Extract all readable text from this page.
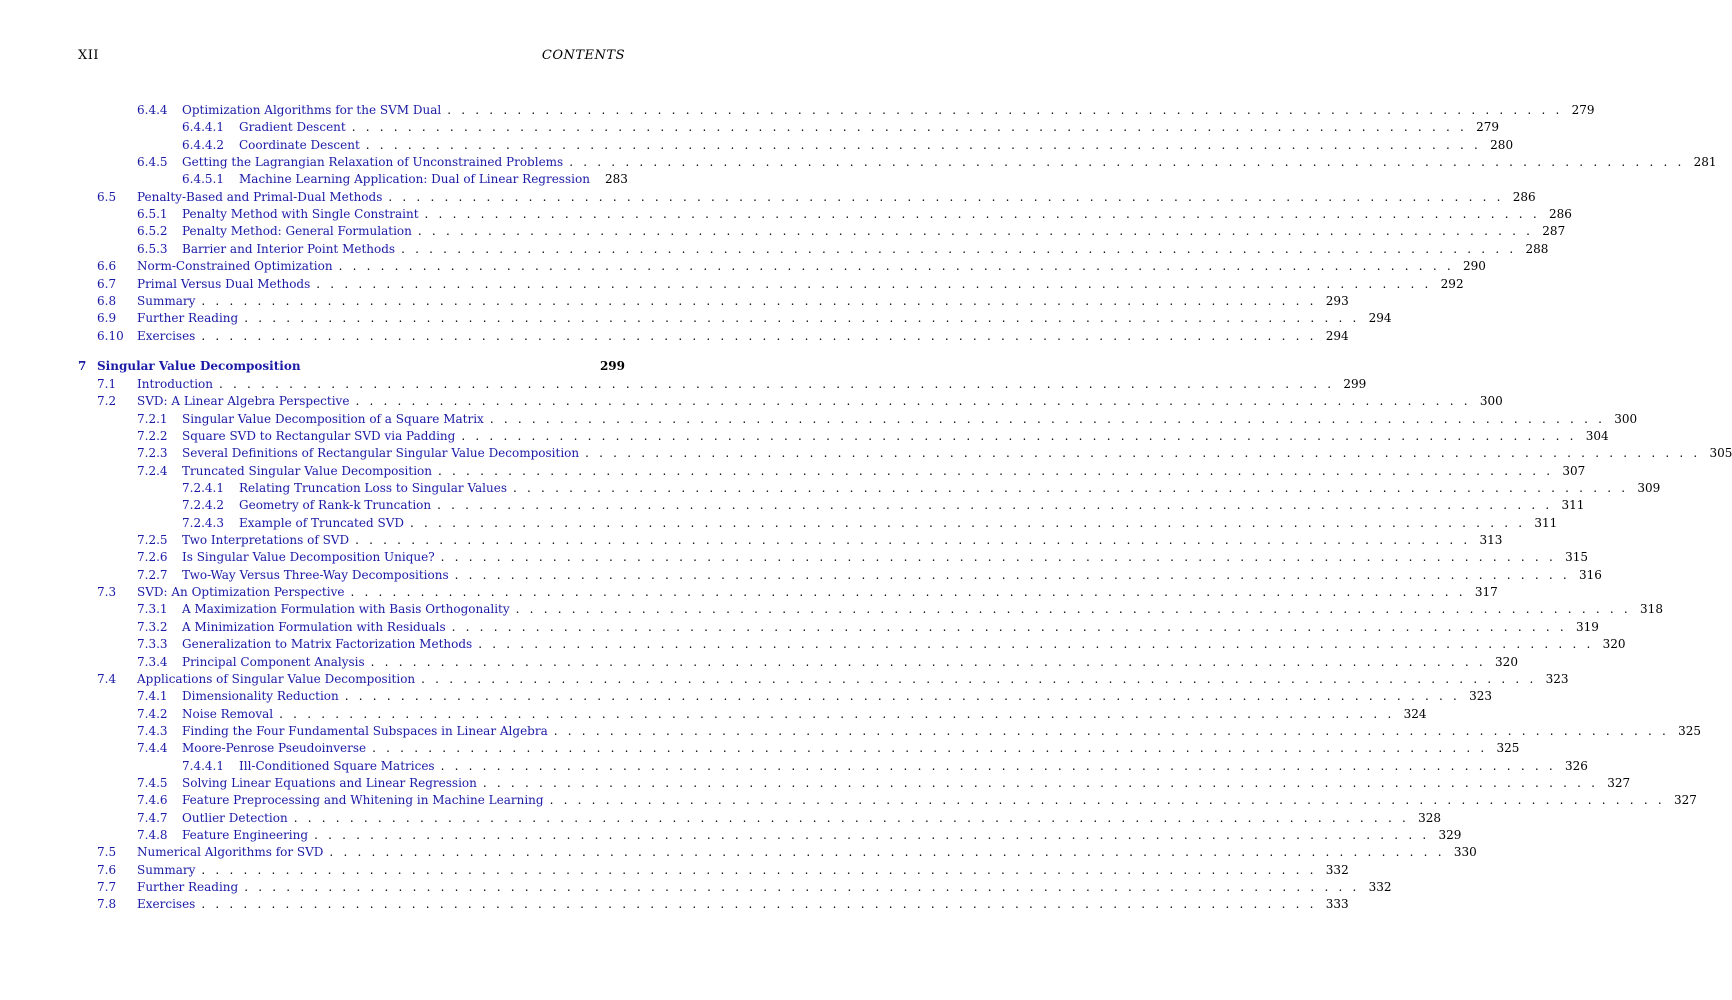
XII	CONTENTS
6.4.4 Optimization Algorithms for the SVM Dual . . . . . . . . . . . . . . . . . . . . . . . . . . . . . . . . . . . . . . . . . . . . . . . . . . . . . . . . . . . . . . . . . . . . . . . . . . . . . . . . 279
6.4.4.1 Gradient Descent . . . . . . . . . . . . . . . . . . . . . . . . . . . . . . . . . . . . . . . . . . . . . . . . . . . . . . . . . . . . . . . . . . . . . . . . . . . . . . . . 279
6.4.4.2 Coordinate Descent . . . . . . . . . . . . . . . . . . . . . . . . . . . . . . . . . . . . . . . . . . . . . . . . . . . . . . . . . . . . . . . . . . . . . . . . . . . . . . . . 280
6.4.5 Getting the Lagrangian Relaxation of Unconstrained Problems . . . . . . . . . . . . . . . . . . . . . . . . . . . . . . . . . . . . . . . . . . . . . . . . . . . . . . . . . . . . . . . . . . . . . . . . . . . . . . . . 281
6.4.5.1 Machine Learning Application: Dual of Linear Regression 283
6.5 Penalty-Based and Primal-Dual Methods . . . . . . . . . . . . . . . . . . . . . . . . . . . . . . . . . . . . . . . . . . . . . . . . . . . . . . . . . . . . . . . . . . . . . . . . . . . . . . . . 286
6.5.1 Penalty Method with Single Constraint . . . . . . . . . . . . . . . . . . . . . . . . . . . . . . . . . . . . . . . . . . . . . . . . . . . . . . . . . . . . . . . . . . . . . . . . . . . . . . . . 286
6.5.2 Penalty Method: General Formulation . . . . . . . . . . . . . . . . . . . . . . . . . . . . . . . . . . . . . . . . . . . . . . . . . . . . . . . . . . . . . . . . . . . . . . . . . . . . . . . . 287
6.5.3 Barrier and Interior Point Methods . . . . . . . . . . . . . . . . . . . . . . . . . . . . . . . . . . . . . . . . . . . . . . . . . . . . . . . . . . . . . . . . . . . . . . . . . . . . . . . . 288
6.6 Norm-Constrained Optimization . . . . . . . . . . . . . . . . . . . . . . . . . . . . . . . . . . . . . . . . . . . . . . . . . . . . . . . . . . . . . . . . . . . . . . . . . . . . . . . . 290
6.7 Primal Versus Dual Methods . . . . . . . . . . . . . . . . . . . . . . . . . . . . . . . . . . . . . . . . . . . . . . . . . . . . . . . . . . . . . . . . . . . . . . . . . . . . . . . . 292
6.8 Summary . . . . . . . . . . . . . . . . . . . . . . . . . . . . . . . . . . . . . . . . . . . . . . . . . . . . . . . . . . . . . . . . . . . . . . . . . . . . . . . . 293
6.9 Further Reading . . . . . . . . . . . . . . . . . . . . . . . . . . . . . . . . . . . . . . . . . . . . . . . . . . . . . . . . . . . . . . . . . . . . . . . . . . . . . . . . 294
6.10 Exercises . . . . . . . . . . . . . . . . . . . . . . . . . . . . . . . . . . . . . . . . . . . . . . . . . . . . . . . . . . . . . . . . . . . . . . . . . . . . . . . . 294
7 Singular Value Decomposition	299
7.1 Introduction . . . . . . . . . . . . . . . . . . . . . . . . . . . . . . . . . . . . . . . . . . . . . . . . . . . . . . . . . . . . . . . . . . . . . . . . . . . . . . . . 299
7.2 SVD: A Linear Algebra Perspective . . . . . . . . . . . . . . . . . . . . . . . . . . . . . . . . . . . . . . . . . . . . . . . . . . . . . . . . . . . . . . . . . . . . . . . . . . . . . . . . 300
7.2.1 Singular Value Decomposition of a Square Matrix . . . . . . . . . . . . . . . . . . . . . . . . . . . . . . . . . . . . . . . . . . . . . . . . . . . . . . . . . . . . . . . . . . . . . . . . . . . . . . . . 300
7.2.2 Square SVD to Rectangular SVD via Padding . . . . . . . . . . . . . . . . . . . . . . . . . . . . . . . . . . . . . . . . . . . . . . . . . . . . . . . . . . . . . . . . . . . . . . . . . . . . . . . . 304
7.2.3 Several Definitions of Rectangular Singular Value Decomposition . . . . . . . . . . . . . . . . . . . . . . . . . . . . . . . . . . . . . . . . . . . . . . . . . . . . . . . . . . . . . . . . . . . . . . . . . . . . . . . . 305
7.2.4 Truncated Singular Value Decomposition . . . . . . . . . . . . . . . . . . . . . . . . . . . . . . . . . . . . . . . . . . . . . . . . . . . . . . . . . . . . . . . . . . . . . . . . . . . . . . . . 307
7.2.4.1 Relating Truncation Loss to Singular Values . . . . . . . . . . . . . . . . . . . . . . . . . . . . . . . . . . . . . . . . . . . . . . . . . . . . . . . . . . . . . . . . . . . . . . . . . . . . . . . . 309
7.2.4.2 Geometry of Rank-k Truncation . . . . . . . . . . . . . . . . . . . . . . . . . . . . . . . . . . . . . . . . . . . . . . . . . . . . . . . . . . . . . . . . . . . . . . . . . . . . . . . . 311
7.2.4.3 Example of Truncated SVD . . . . . . . . . . . . . . . . . . . . . . . . . . . . . . . . . . . . . . . . . . . . . . . . . . . . . . . . . . . . . . . . . . . . . . . . . . . . . . . . 311
7.2.5 Two Interpretations of SVD . . . . . . . . . . . . . . . . . . . . . . . . . . . . . . . . . . . . . . . . . . . . . . . . . . . . . . . . . . . . . . . . . . . . . . . . . . . . . . . . 313
7.2.6 Is Singular Value Decomposition Unique? . . . . . . . . . . . . . . . . . . . . . . . . . . . . . . . . . . . . . . . . . . . . . . . . . . . . . . . . . . . . . . . . . . . . . . . . . . . . . . . . 315
7.2.7 Two-Way Versus Three-Way Decompositions . . . . . . . . . . . . . . . . . . . . . . . . . . . . . . . . . . . . . . . . . . . . . . . . . . . . . . . . . . . . . . . . . . . . . . . . . . . . . . . . 316
7.3 SVD: An Optimization Perspective . . . . . . . . . . . . . . . . . . . . . . . . . . . . . . . . . . . . . . . . . . . . . . . . . . . . . . . . . . . . . . . . . . . . . . . . . . . . . . . . 317
7.3.1 A Maximization Formulation with Basis Orthogonality . . . . . . . . . . . . . . . . . . . . . . . . . . . . . . . . . . . . . . . . . . . . . . . . . . . . . . . . . . . . . . . . . . . . . . . . . . . . . . . . 318
7.3.2 A Minimization Formulation with Residuals . . . . . . . . . . . . . . . . . . . . . . . . . . . . . . . . . . . . . . . . . . . . . . . . . . . . . . . . . . . . . . . . . . . . . . . . . . . . . . . . 319
7.3.3 Generalization to Matrix Factorization Methods . . . . . . . . . . . . . . . . . . . . . . . . . . . . . . . . . . . . . . . . . . . . . . . . . . . . . . . . . . . . . . . . . . . . . . . . . . . . . . . . 320
7.3.4 Principal Component Analysis . . . . . . . . . . . . . . . . . . . . . . . . . . . . . . . . . . . . . . . . . . . . . . . . . . . . . . . . . . . . . . . . . . . . . . . . . . . . . . . . 320
7.4 Applications of Singular Value Decomposition . . . . . . . . . . . . . . . . . . . . . . . . . . . . . . . . . . . . . . . . . . . . . . . . . . . . . . . . . . . . . . . . . . . . . . . . . . . . . . . . 323
7.4.1 Dimensionality Reduction . . . . . . . . . . . . . . . . . . . . . . . . . . . . . . . . . . . . . . . . . . . . . . . . . . . . . . . . . . . . . . . . . . . . . . . . . . . . . . . . 323
7.4.2 Noise Removal . . . . . . . . . . . . . . . . . . . . . . . . . . . . . . . . . . . . . . . . . . . . . . . . . . . . . . . . . . . . . . . . . . . . . . . . . . . . . . . . 324
7.4.3 Finding the Four Fundamental Subspaces in Linear Algebra . . . . . . . . . . . . . . . . . . . . . . . . . . . . . . . . . . . . . . . . . . . . . . . . . . . . . . . . . . . . . . . . . . . . . . . . . . . . . . . . 325
7.4.4 Moore-Penrose Pseudoinverse . . . . . . . . . . . . . . . . . . . . . . . . . . . . . . . . . . . . . . . . . . . . . . . . . . . . . . . . . . . . . . . . . . . . . . . . . . . . . . . . 325
7.4.4.1 Ill-Conditioned Square Matrices . . . . . . . . . . . . . . . . . . . . . . . . . . . . . . . . . . . . . . . . . . . . . . . . . . . . . . . . . . . . . . . . . . . . . . . . . . . . . . . . 326
7.4.5 Solving Linear Equations and Linear Regression . . . . . . . . . . . . . . . . . . . . . . . . . . . . . . . . . . . . . . . . . . . . . . . . . . . . . . . . . . . . . . . . . . . . . . . . . . . . . . . . 327
7.4.6 Feature Preprocessing and Whitening in Machine Learning . . . . . . . . . . . . . . . . . . . . . . . . . . . . . . . . . . . . . . . . . . . . . . . . . . . . . . . . . . . . . . . . . . . . . . . . . . . . . . . . 327
7.4.7 Outlier Detection . . . . . . . . . . . . . . . . . . . . . . . . . . . . . . . . . . . . . . . . . . . . . . . . . . . . . . . . . . . . . . . . . . . . . . . . . . . . . . . . 328
7.4.8 Feature Engineering . . . . . . . . . . . . . . . . . . . . . . . . . . . . . . . . . . . . . . . . . . . . . . . . . . . . . . . . . . . . . . . . . . . . . . . . . . . . . . . . 329
7.5 Numerical Algorithms for SVD . . . . . . . . . . . . . . . . . . . . . . . . . . . . . . . . . . . . . . . . . . . . . . . . . . . . . . . . . . . . . . . . . . . . . . . . . . . . . . . . 330
7.6 Summary . . . . . . . . . . . . . . . . . . . . . . . . . . . . . . . . . . . . . . . . . . . . . . . . . . . . . . . . . . . . . . . . . . . . . . . . . . . . . . . . 332
7.7 Further Reading . . . . . . . . . . . . . . . . . . . . . . . . . . . . . . . . . . . . . . . . . . . . . . . . . . . . . . . . . . . . . . . . . . . . . . . . . . . . . . . . 332
7.8 Exercises . . . . . . . . . . . . . . . . . . . . . . . . . . . . . . . . . . . . . . . . . . . . . . . . . . . . . . . . . . . . . . . . . . . . . . . . . . . . . . . . 333
